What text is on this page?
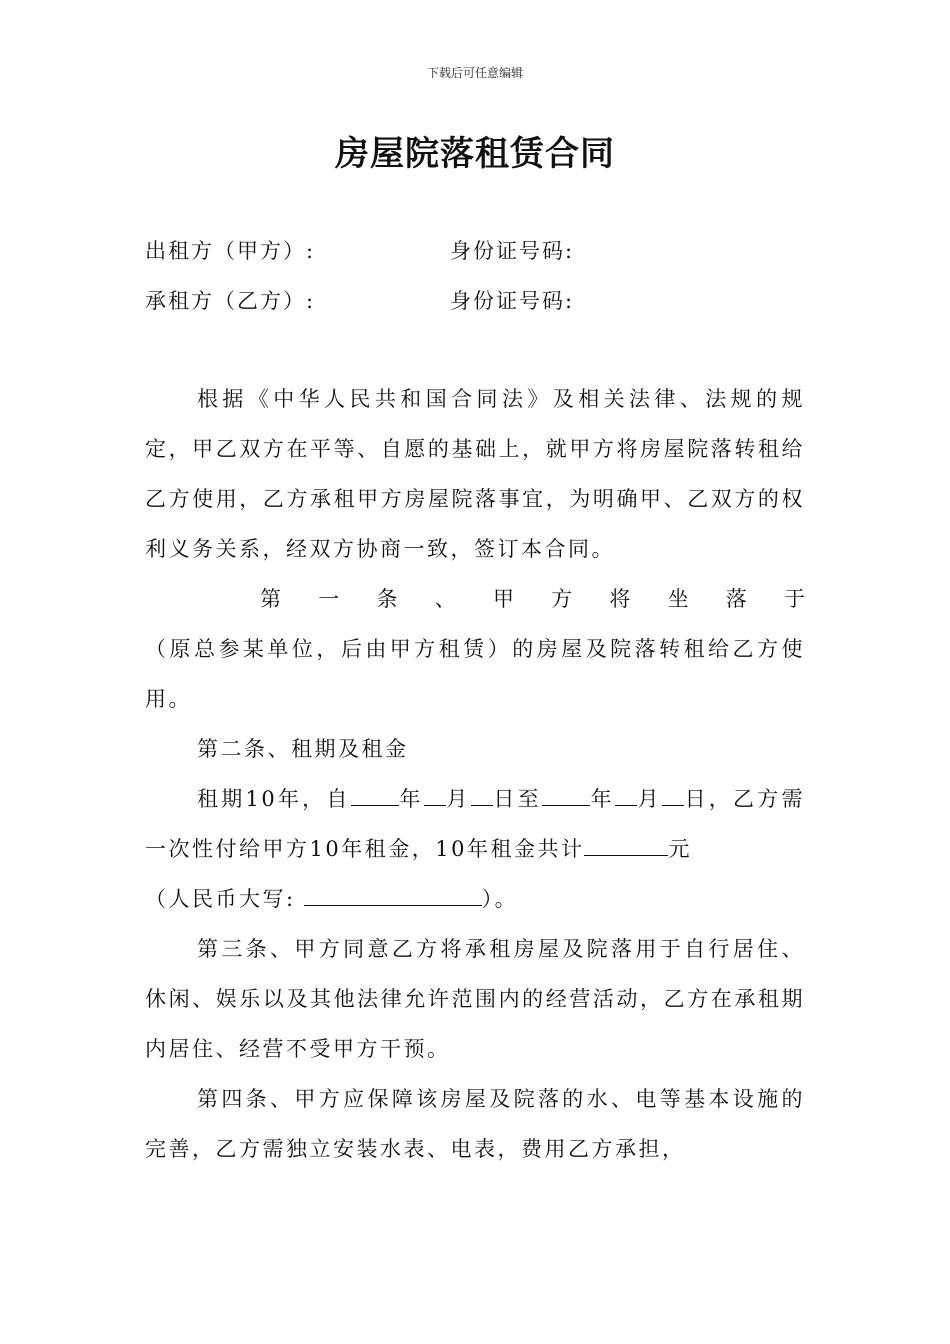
下载后可任意编辑
房屋院落租赁合同
出租方（甲方）:	身份证号码:
承租方（乙方）:	身份证号码:

根据《中华人民共和国合同法》及相关法律、法规的规定，甲乙双方在平等、自愿的基础上，就甲方将房屋院落转租给乙方使用，乙方承租甲方房屋院落事宜，为明确甲、乙双方的权利义务关系，经双方协商一致，签订本合同。

第 一 条 、 甲 方 将 坐 落 于

（原总参某单位，后由甲方租赁）的房屋及院落转租给乙方使用。

第二条、租期及租金

租期10年，自 年 月 日至 年 月 日，乙方需一次性付给甲方10年租金，10年租金共计	元

（人民币大写:	）。

第三条、甲方同意乙方将承租房屋及院落用于自行居住、休闲、娱乐以及其他法律允许范围内的经营活动，乙方在承租期内居住、经营不受甲方干预。

第四条、甲方应保障该房屋及院落的水、电等基本设施的完善，乙方需独立安装水表、电表，费用乙方承担，
